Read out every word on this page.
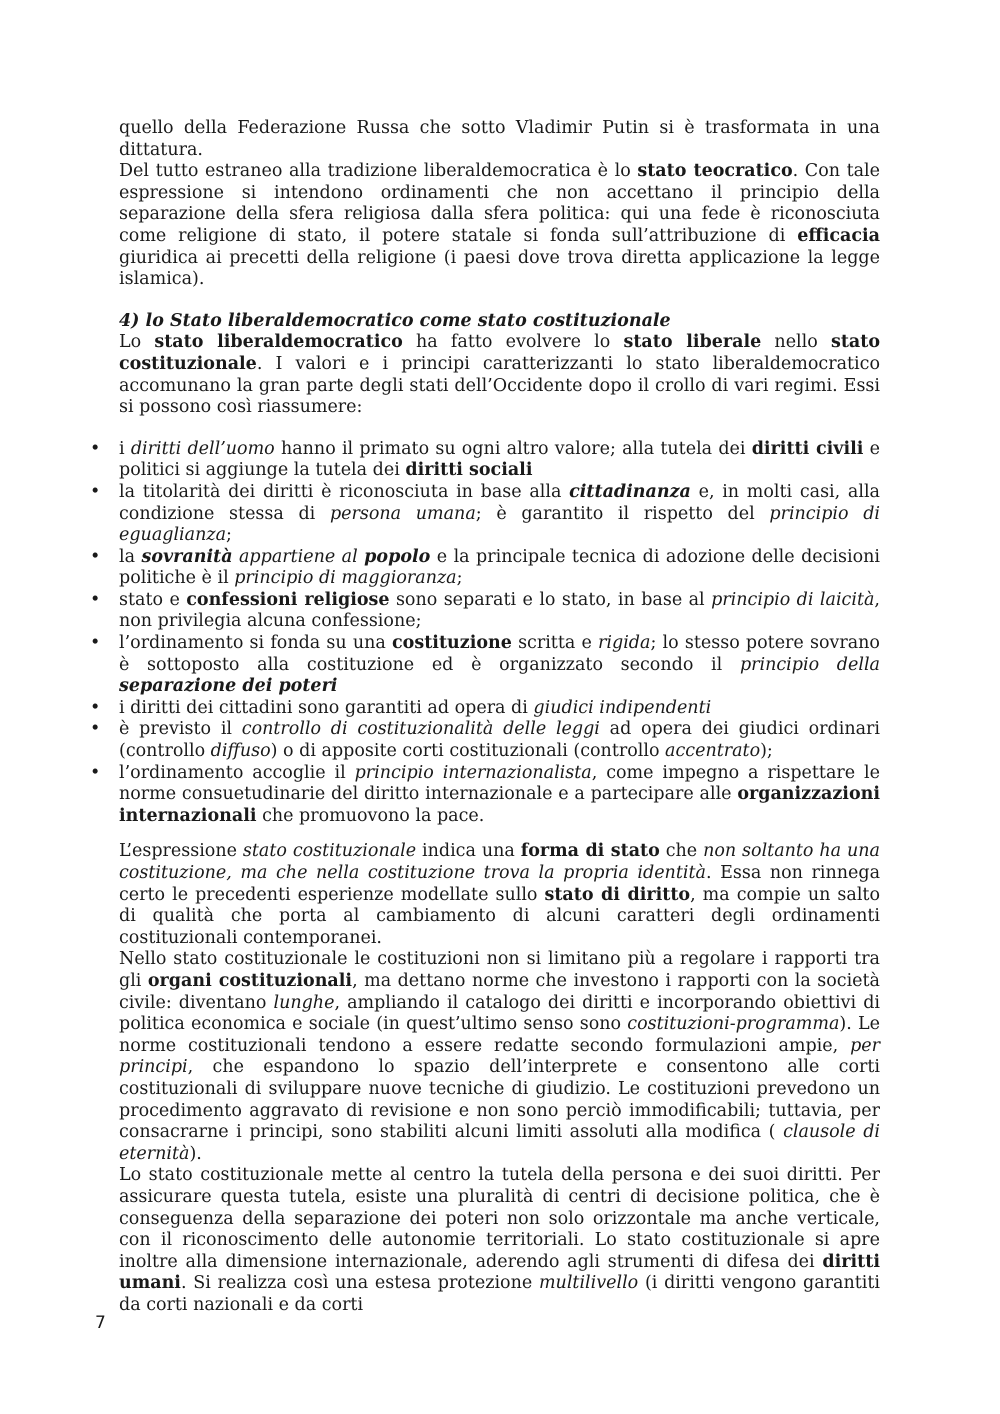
quello della Federazione Russa che sotto Vladimir Putin si è trasformata in una dittatura.

Del tutto estraneo alla tradizione liberaldemocratica è lo stato teocratico. Con tale espressione si intendono ordinamenti che non accettano il principio della separazione della sfera religiosa dalla sfera politica: qui una fede è riconosciuta come religione di stato, il potere statale si fonda sull’attribuzione di efficacia giuridica ai precetti della religione (i paesi dove trova diretta applicazione la legge islamica).

4) lo Stato liberaldemocratico come stato costituzionale

Lo stato liberaldemocratico ha fatto evolvere lo stato liberale nello stato costituzionale. I valori e i principi caratterizzanti lo stato liberaldemocratico accomunano la gran parte degli stati dell’Occidente dopo il crollo di vari regimi. Essi si possono così riassumere:

• i diritti dell’uomo hanno il primato su ogni altro valore; alla tutela dei diritti civili e politici si aggiunge la tutela dei diritti sociali
• la titolarità dei diritti è riconosciuta in base alla cittadinanza e, in molti casi, alla condizione stessa di persona umana; è garantito il rispetto del principio di eguaglianza;
• la sovranità appartiene al popolo e la principale tecnica di adozione delle decisioni politiche è il principio di maggioranza;
• stato e confessioni religiose sono separati e lo stato, in base al principio di laicità, non privilegia alcuna confessione;
• l’ordinamento si fonda su una costituzione scritta e rigida; lo stesso potere sovrano è sottoposto alla costituzione ed è organizzato secondo il principio della separazione dei poteri
• i diritti dei cittadini sono garantiti ad opera di giudici indipendenti
• è previsto il controllo di costituzionalità delle leggi ad opera dei giudici ordinari (controllo diffuso) o di apposite corti costituzionali (controllo accentrato);
• l’ordinamento accoglie il principio internazionalista, come impegno a rispettare le norme consuetudinarie del diritto internazionale e a partecipare alle organizzazioni internazionali che promuovono la pace.

L’espressione stato costituzionale indica una forma di stato che non soltanto ha una costituzione, ma che nella costituzione trova la propria identità. Essa non rinnega certo le precedenti esperienze modellate sullo stato di diritto, ma compie un salto di qualità che porta al cambiamento di alcuni caratteri degli ordinamenti costituzionali contemporanei.

Nello stato costituzionale le costituzioni non si limitano più a regolare i rapporti tra gli organi costituzionali, ma dettano norme che investono i rapporti con la società civile: diventano lunghe, ampliando il catalogo dei diritti e incorporando obiettivi di politica economica e sociale (in quest’ultimo senso sono costituzioni-programma). Le norme costituzionali tendono a essere redatte secondo formulazioni ampie, per principi, che espandono lo spazio dell’interprete e consentono alle corti costituzionali di sviluppare nuove tecniche di giudizio. Le costituzioni prevedono un procedimento aggravato di revisione e non sono perciò immodificabili; tuttavia, per consacrarne i principi, sono stabiliti alcuni limiti assoluti alla modifica ( clausole di eternità).

Lo stato costituzionale mette al centro la tutela della persona e dei suoi diritti. Per assicurare questa tutela, esiste una pluralità di centri di decisione politica, che è conseguenza della separazione dei poteri non solo orizzontale ma anche verticale, con il riconoscimento delle autonomie territoriali. Lo stato costituzionale si apre inoltre alla dimensione internazionale, aderendo agli strumenti di difesa dei diritti umani. Si realizza così una estesa protezione multilivello (i diritti vengono garantiti da corti nazionali e da corti

7
